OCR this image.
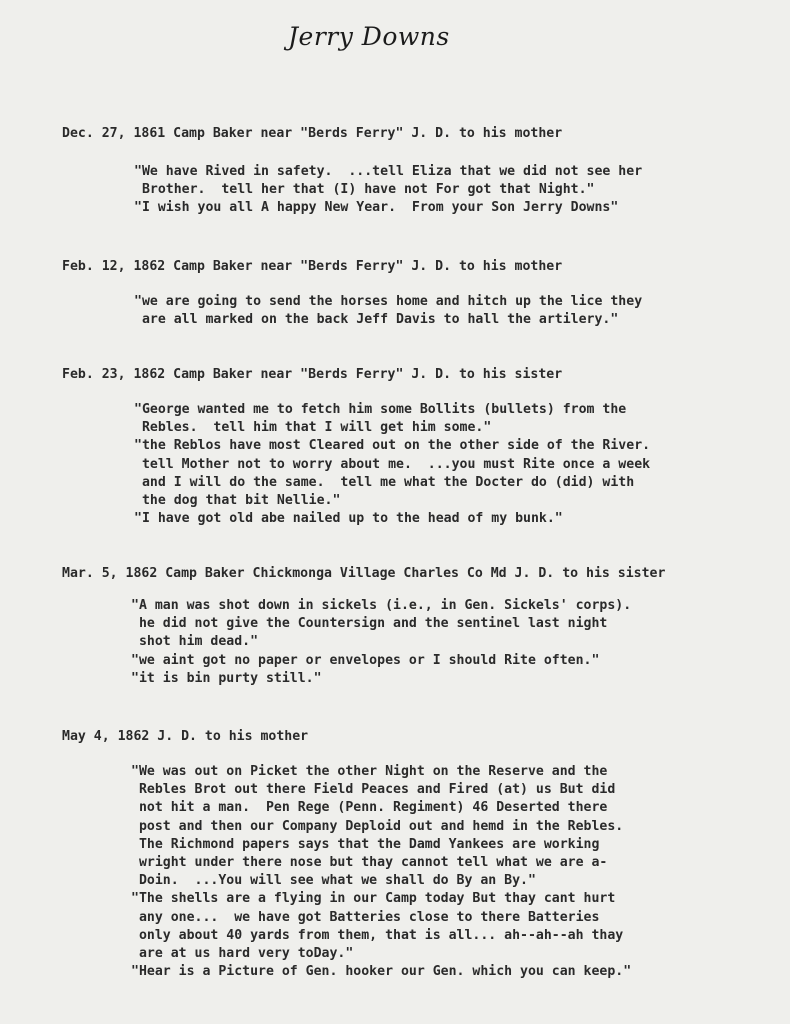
Jerry Downs
Dec. 27, 1861 Camp Baker near "Berds Ferry" J. D. to his mother
"We have Rived in safety.  ...tell Eliza that we did not see her
Brother.  tell her that (I) have not For got that Night."
"I wish you all A happy New Year.  From your Son Jerry Downs"
Feb. 12, 1862 Camp Baker near "Berds Ferry" J. D. to his mother
"we are going to send the horses home and hitch up the lice they
are all marked on the back Jeff Davis to hall the artilery."
Feb. 23, 1862 Camp Baker near "Berds Ferry" J. D. to his sister
"George wanted me to fetch him some Bollits (bullets) from the
Rebles.  tell him that I will get him some."
"the Reblos have most Cleared out on the other side of the River.
tell Mother not to worry about me.  ...you must Rite once a week
and I will do the same.  tell me what the Docter do (did) with
the dog that bit Nellie."
"I have got old abe nailed up to the head of my bunk."
Mar. 5, 1862 Camp Baker Chickmonga Village Charles Co Md J. D. to his sister
"A man was shot down in sickels (i.e., in Gen. Sickels' corps).
he did not give the Countersign and the sentinel last night
shot him dead."
"we aint got no paper or envelopes or I should Rite often."
"it is bin purty still."
May 4, 1862 J. D. to his mother
"We was out on Picket the other Night on the Reserve and the
Rebles Brot out there Field Peaces and Fired (at) us But did
not hit a man.  Pen Rege (Penn. Regiment) 46 Deserted there
post and then our Company Deploid out and hemd in the Rebles.
The Richmond papers says that the Damd Yankees are working
wright under there nose but thay cannot tell what we are a-
Doin.  ...You will see what we shall do By an By."
"The shells are a flying in our Camp today But thay cant hurt
any one...  we have got Batteries close to there Batteries
only about 40 yards from them, that is all... ah--ah--ah thay
are at us hard very toDay."
"Hear is a Picture of Gen. hooker our Gen. which you can keep."
